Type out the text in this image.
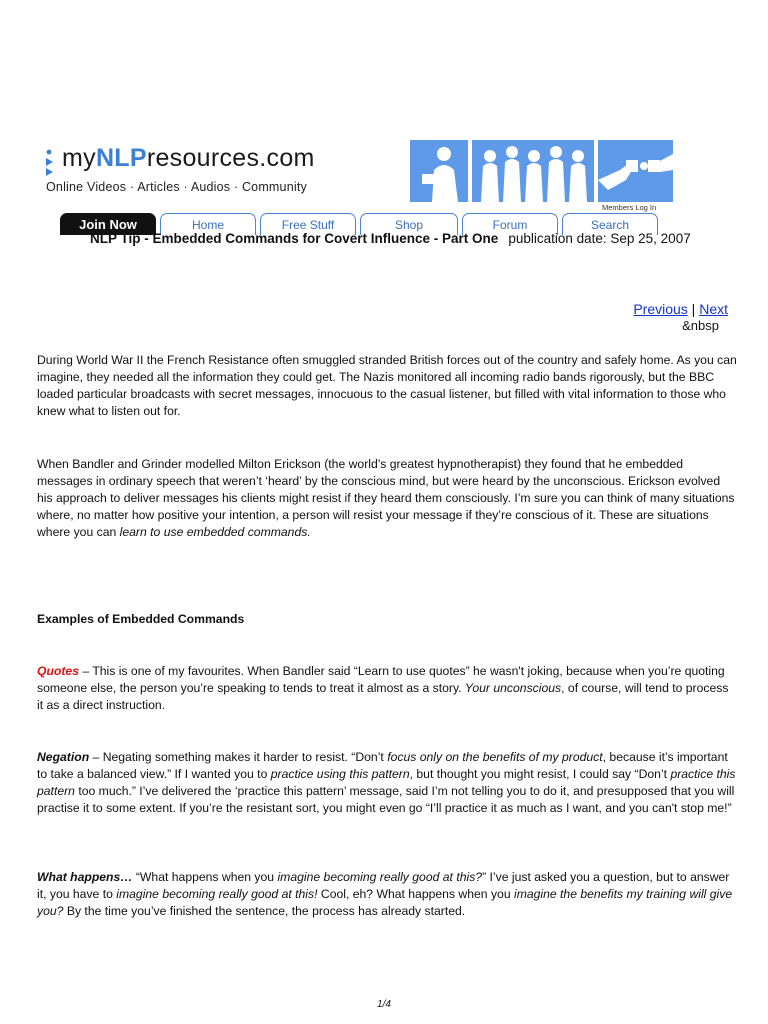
myNLPresources.com
Online Videos · Articles · Audios · Community
Members Log In
Join Now	Home	Free Stuff	Shop	Forum	Search
NLP Tip - Embedded Commands for Covert Influence - Part One publication date: Sep 25, 2007
Previous | Next
&nbsp

During World War II the French Resistance often smuggled stranded British forces out of the country and safely home. As you can imagine, they needed all the information they could get. The Nazis monitored all incoming radio bands rigorously, but the BBC loaded particular broadcasts with secret messages, innocuous to the casual listener, but filled with vital information to those who knew what to listen out for.

When Bandler and Grinder modelled Milton Erickson (the world’s greatest hypnotherapist) they found that he embedded messages in ordinary speech that weren’t ‘heard’ by the conscious mind, but were heard by the unconscious. Erickson evolved his approach to deliver messages his clients might resist if they heard them consciously. I’m sure you can think of many situations where, no matter how positive your intention, a person will resist your message if they’re conscious of it. These are situations where you can learn to use embedded commands.

Examples of Embedded Commands

Quotes – This is one of my favourites. When Bandler said “Learn to use quotes” he wasn't joking, because when you’re quoting someone else, the person you’re speaking to tends to treat it almost as a story. Your unconscious, of course, will tend to process it as a direct instruction.

Negation – Negating something makes it harder to resist. “Don’t focus only on the benefits of my product, because it’s important to take a balanced view.” If I wanted you to practice using this pattern, but thought you might resist, I could say “Don’t practice this pattern too much.” I’ve delivered the ‘practice this pattern’ message, said I’m not telling you to do it, and presupposed that you will practise it to some extent. If you’re the resistant sort, you might even go “I’ll practice it as much as I want, and you can't stop me!”

What happens… “What happens when you imagine becoming really good at this?” I’ve just asked you a question, but to answer it, you have to imagine becoming really good at this! Cool, eh? What happens when you imagine the benefits my training will give you? By the time you’ve finished the sentence, the process has already started.

1/4
